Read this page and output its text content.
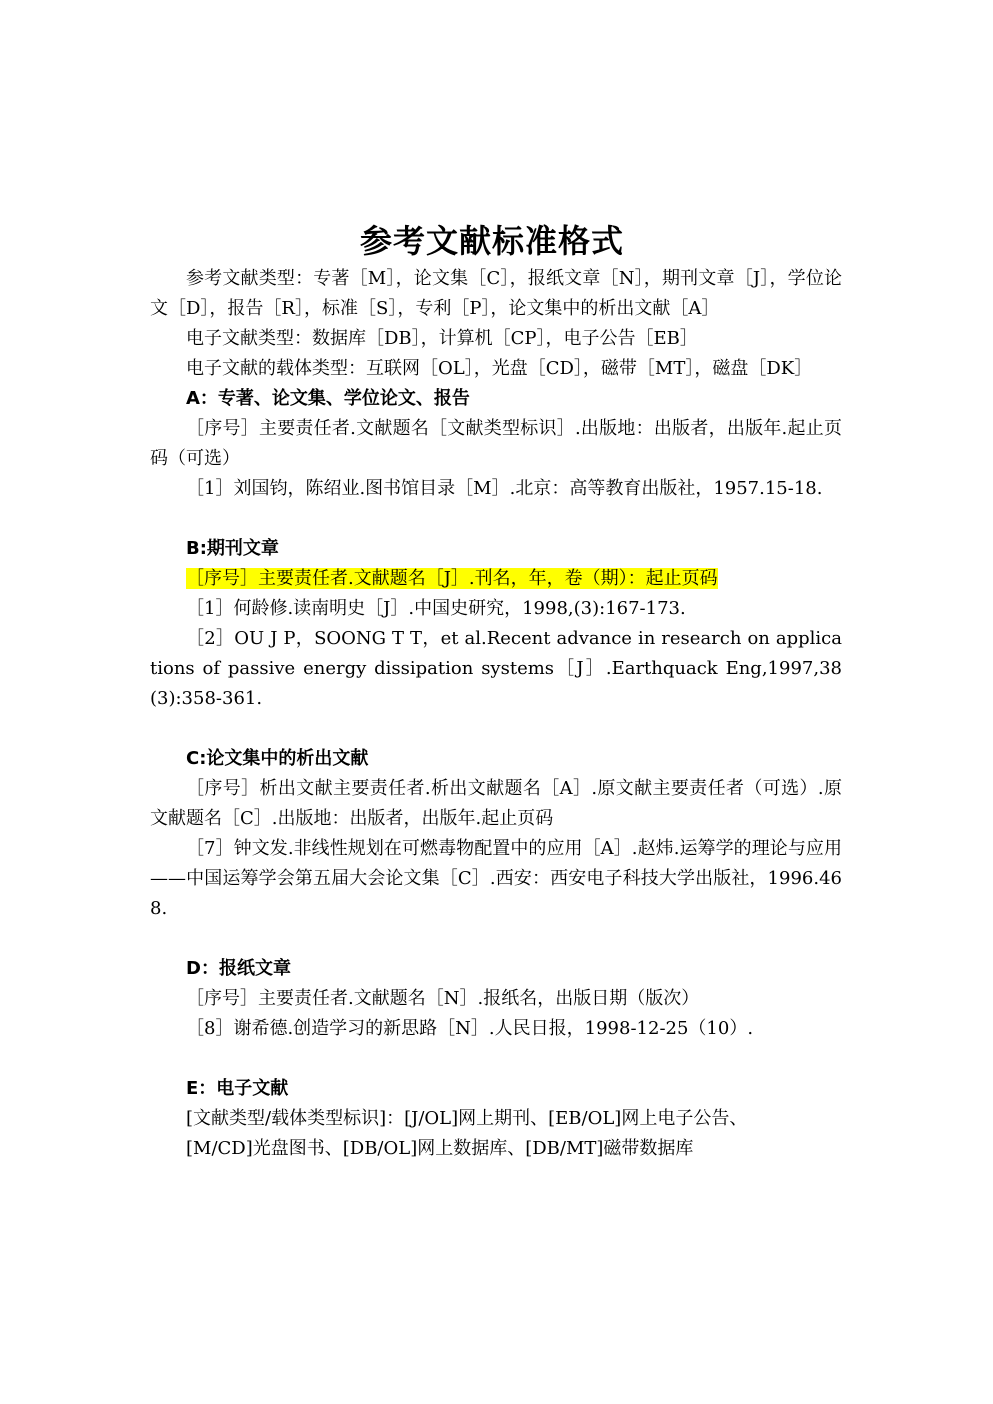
参考文献标准格式

参考文献类型：专著［M］，论文集［C］，报纸文章［N］，期刊文章［J］，学位论文［D］，报告［R］，标准［S］，专利［P］，论文集中的析出文献［A］

电子文献类型：数据库［DB］，计算机［CP］，电子公告［EB］

电子文献的载体类型：互联网［OL］，光盘［CD］，磁带［MT］，磁盘［DK］

A：专著、论文集、学位论文、报告

［序号］主要责任者.文献题名［文献类型标识］.出版地：出版者，出版年.起止页码（可选）

［1］刘国钧，陈绍业.图书馆目录［M］.北京：高等教育出版社，1957.15-18.

B:期刊文章

［序号］主要责任者.文献题名［J］.刊名，年，卷（期）：起止页码

［1］何龄修.读南明史［J］.中国史研究，1998,(3):167-173.

［2］OU J P，SOONG T T，et al.Recent advance in research on applications of passive energy dissipation systems［J］.Earthquack Eng,1997,38(3):358-361.

C:论文集中的析出文献

［序号］析出文献主要责任者.析出文献题名［A］.原文献主要责任者（可选）.原文献题名［C］.出版地：出版者，出版年.起止页码

［7］钟文发.非线性规划在可燃毒物配置中的应用［A］.赵炜.运筹学的理论与应用——中国运筹学会第五届大会论文集［C］.西安：西安电子科技大学出版社，1996.468.

D：报纸文章

［序号］主要责任者.文献题名［N］.报纸名，出版日期（版次）

［8］谢希德.创造学习的新思路［N］.人民日报，1998-12-25（10）.

E：电子文献

[文献类型/载体类型标识]：[J/OL]网上期刊、[EB/OL]网上电子公告、

[M/CD]光盘图书、[DB/OL]网上数据库、[DB/MT]磁带数据库
